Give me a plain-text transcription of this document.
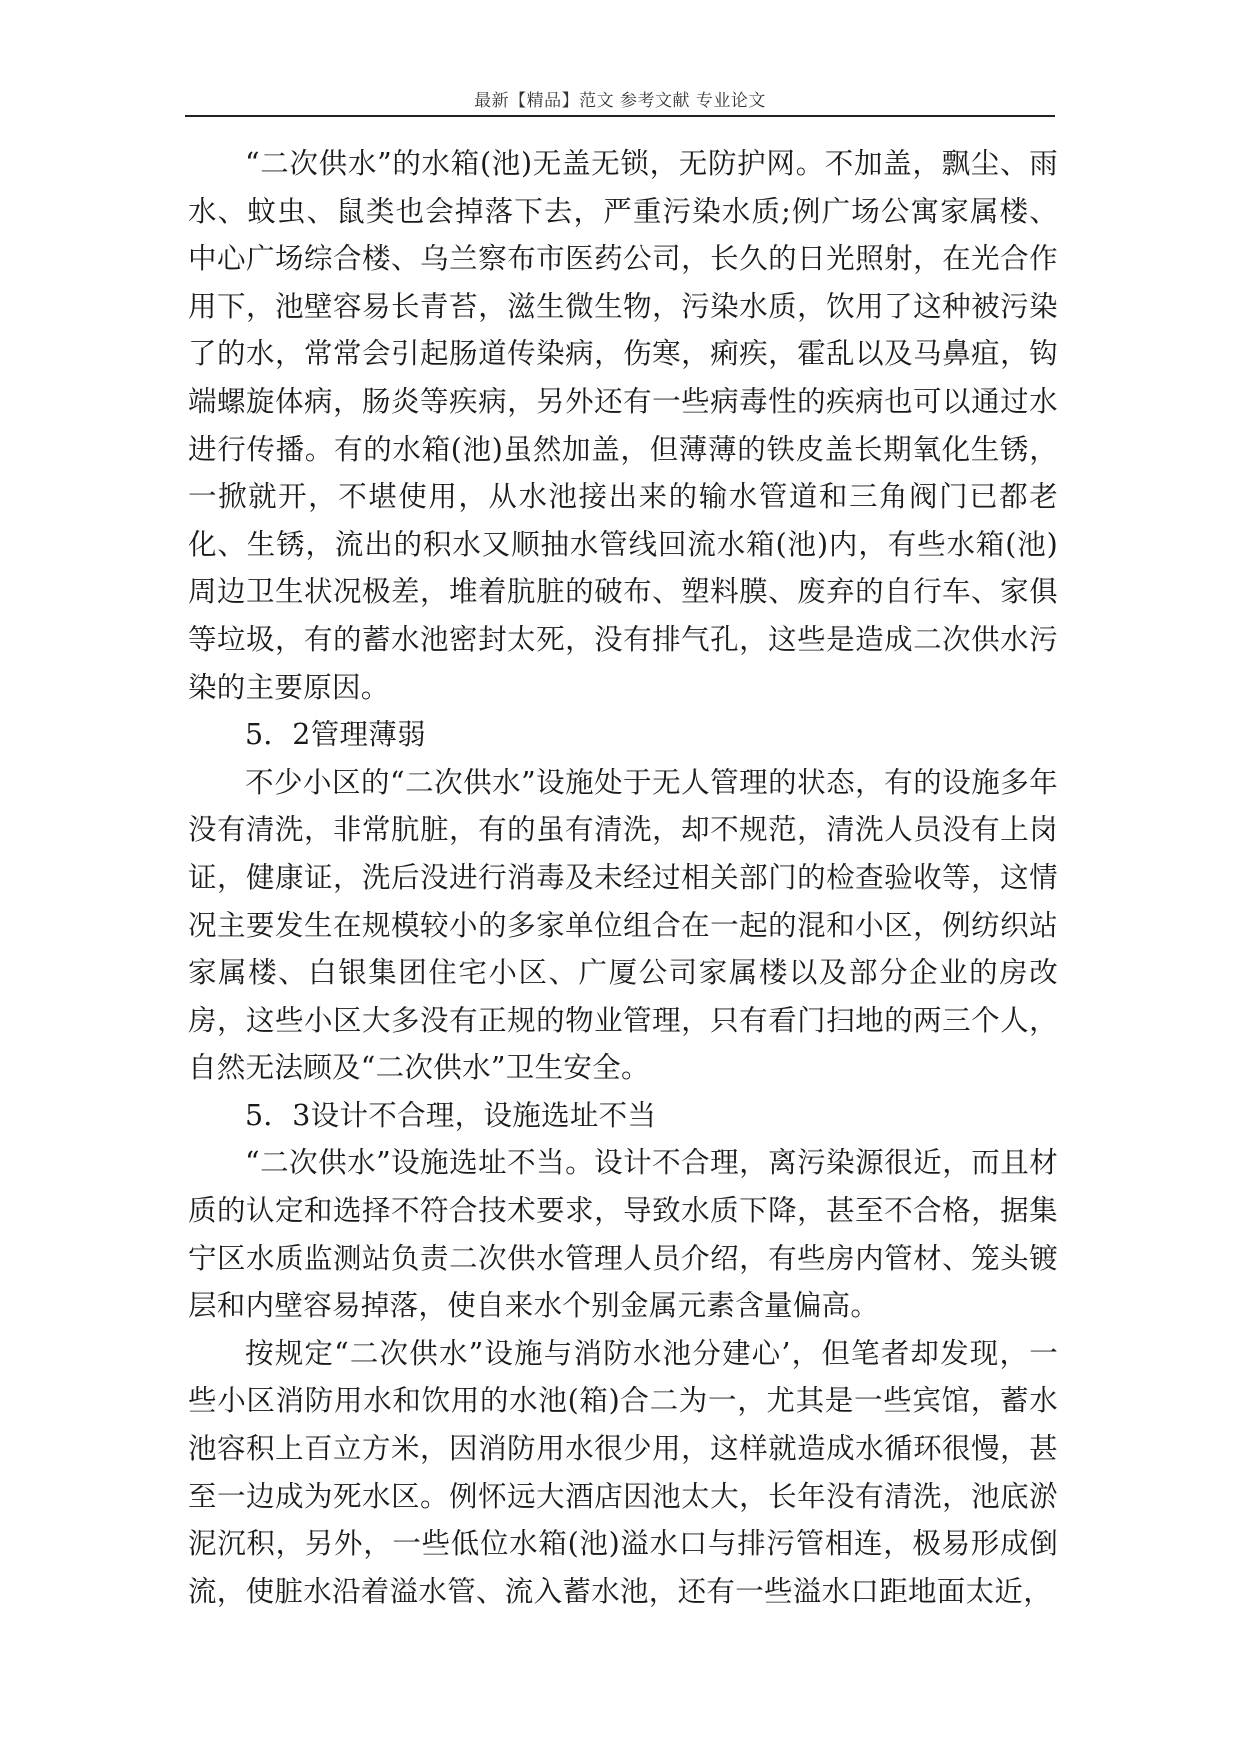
最新【精品】范文 参考文献 专业论文

“二次供水”的水箱(池)无盖无锁，无防护网。不加盖，飘尘、雨水、蚊虫、鼠类也会掉落下去，严重污染水质;例广场公寓家属楼、中心广场综合楼、乌兰察布市医药公司，长久的日光照射，在光合作用下，池壁容易长青苔，滋生微生物，污染水质，饮用了这种被污染了的水，常常会引起肠道传染病，伤寒，痢疾，霍乱以及马鼻疽，钩端螺旋体病，肠炎等疾病，另外还有一些病毒性的疾病也可以通过水进行传播。有的水箱(池)虽然加盖，但薄薄的铁皮盖长期氧化生锈，一掀就开，不堪使用，从水池接出来的输水管道和三角阀门已都老化、生锈，流出的积水又顺抽水管线回流水箱(池)内，有些水箱(池)周边卫生状况极差，堆着肮脏的破布、塑料膜、废弃的自行车、家俱等垃圾，有的蓄水池密封太死，没有排气孔，这些是造成二次供水污染的主要原因。

5．2管理薄弱

不少小区的“二次供水”设施处于无人管理的状态，有的设施多年没有清洗，非常肮脏，有的虽有清洗，却不规范，清洗人员没有上岗证，健康证，洗后没进行消毒及未经过相关部门的检查验收等，这情况主要发生在规模较小的多家单位组合在一起的混和小区，例纺织站家属楼、白银集团住宅小区、广厦公司家属楼以及部分企业的房改房，这些小区大多没有正规的物业管理，只有看门扫地的两三个人，自然无法顾及“二次供水”卫生安全。

5．3设计不合理，设施选址不当

“二次供水”设施选址不当。设计不合理，离污染源很近，而且材质的认定和选择不符合技术要求，导致水质下降，甚至不合格，据集宁区水质监测站负责二次供水管理人员介绍，有些房内管材、笼头镀层和内壁容易掉落，使自来水个别金属元素含量偏高。

按规定“二次供水”设施与消防水池分建心’，但笔者却发现，一些小区消防用水和饮用的水池(箱)合二为一，尤其是一些宾馆，蓄水池容积上百立方米，因消防用水很少用，这样就造成水循环很慢，甚至一边成为死水区。例怀远大酒店因池太大，长年没有清洗，池底淤泥沉积，另外，一些低位水箱(池)溢水口与排污管相连，极易形成倒流，使脏水沿着溢水管、流入蓄水池，还有一些溢水口距地面太近，
